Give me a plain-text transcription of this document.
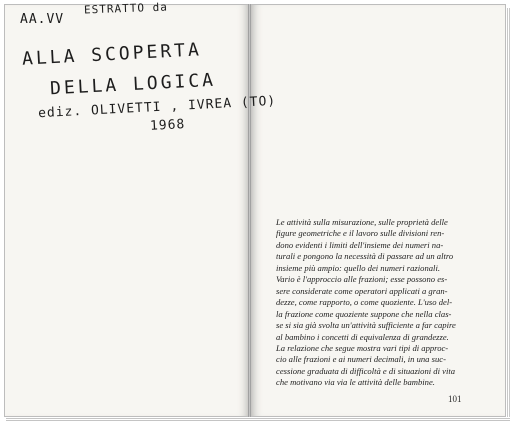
AA.VV
ESTRATTO da
ALLA SCOPERTA
DELLA LOGICA
ediz. OLIVETTI , IVREA (TO)
1968
Le attività sulla misurazione, sulle proprietà delle
figure geometriche e il lavoro sulle divisioni ren-
dono evidenti i limiti dell'insieme dei numeri na-
turali e pongono la necessità di passare ad un altro
insieme più ampio: quello dei numeri razionali.
Vario è l'approccio alle frazioni; esse possono es-
sere considerate come operatori applicati a gran-
dezze, come rapporto, o come quoziente. L'uso del-
la frazione come quoziente suppone che nella clas-
se si sia già svolta un'attività sufficiente a far capire
al bambino i concetti di equivalenza di grandezze.
La relazione che segue mostra vari tipi di approc-
cio alle frazioni e ai numeri decimali, in una suc-
cessione graduata di difficoltà e di situazioni di vita
che motivano via via le attività delle bambine.
101
